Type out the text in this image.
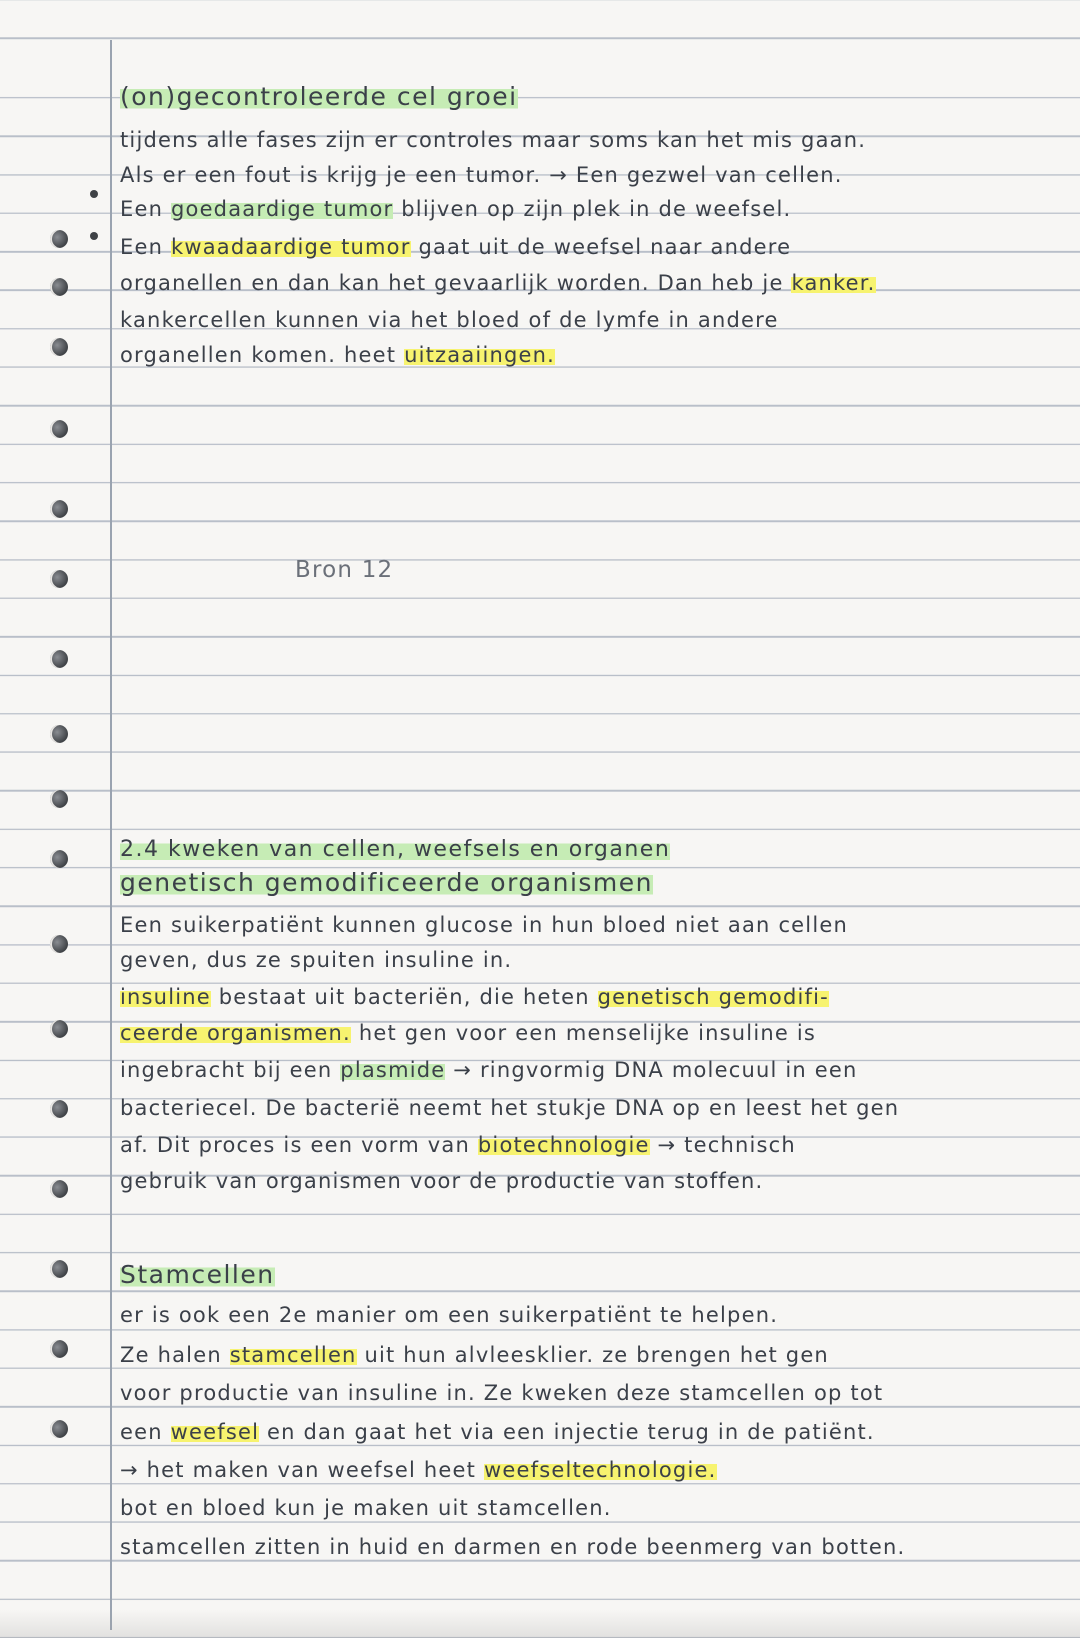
(on)gecontroleerde cel groei
tijdens alle fases zijn er controles maar soms kan het mis gaan.
Als er een fout is krijg je een tumor. → Een gezwel van cellen.
Een goedaardige tumor blijven op zijn plek in de weefsel.
Een kwaadaardige tumor gaat uit de weefsel naar andere
organellen en dan kan het gevaarlijk worden. Dan heb je kanker.
kankercellen kunnen via het bloed of de lymfe in andere
organellen komen. heet uitzaaiingen.
Bron 12
2.4 kweken van cellen, weefsels en organen
genetisch gemodificeerde organismen
Een suikerpatiënt kunnen glucose in hun bloed niet aan cellen
geven, dus ze spuiten insuline in.
insuline bestaat uit bacteriën, die heten genetisch gemodifi-
ceerde organismen. het gen voor een menselijke insuline is
ingebracht bij een plasmide → ringvormig DNA molecuul in een
bacteriecel. De bacterië neemt het stukje DNA op en leest het gen
af. Dit proces is een vorm van biotechnologie → technisch
gebruik van organismen voor de productie van stoffen.
Stamcellen
er is ook een 2e manier om een suikerpatiënt te helpen.
Ze halen stamcellen uit hun alvleesklier. ze brengen het gen
voor productie van insuline in. Ze kweken deze stamcellen op tot
een weefsel en dan gaat het via een injectie terug in de patiënt.
→ het maken van weefsel heet weefseltechnologie.
bot en bloed kun je maken uit stamcellen.
stamcellen zitten in huid en darmen en rode beenmerg van botten.
